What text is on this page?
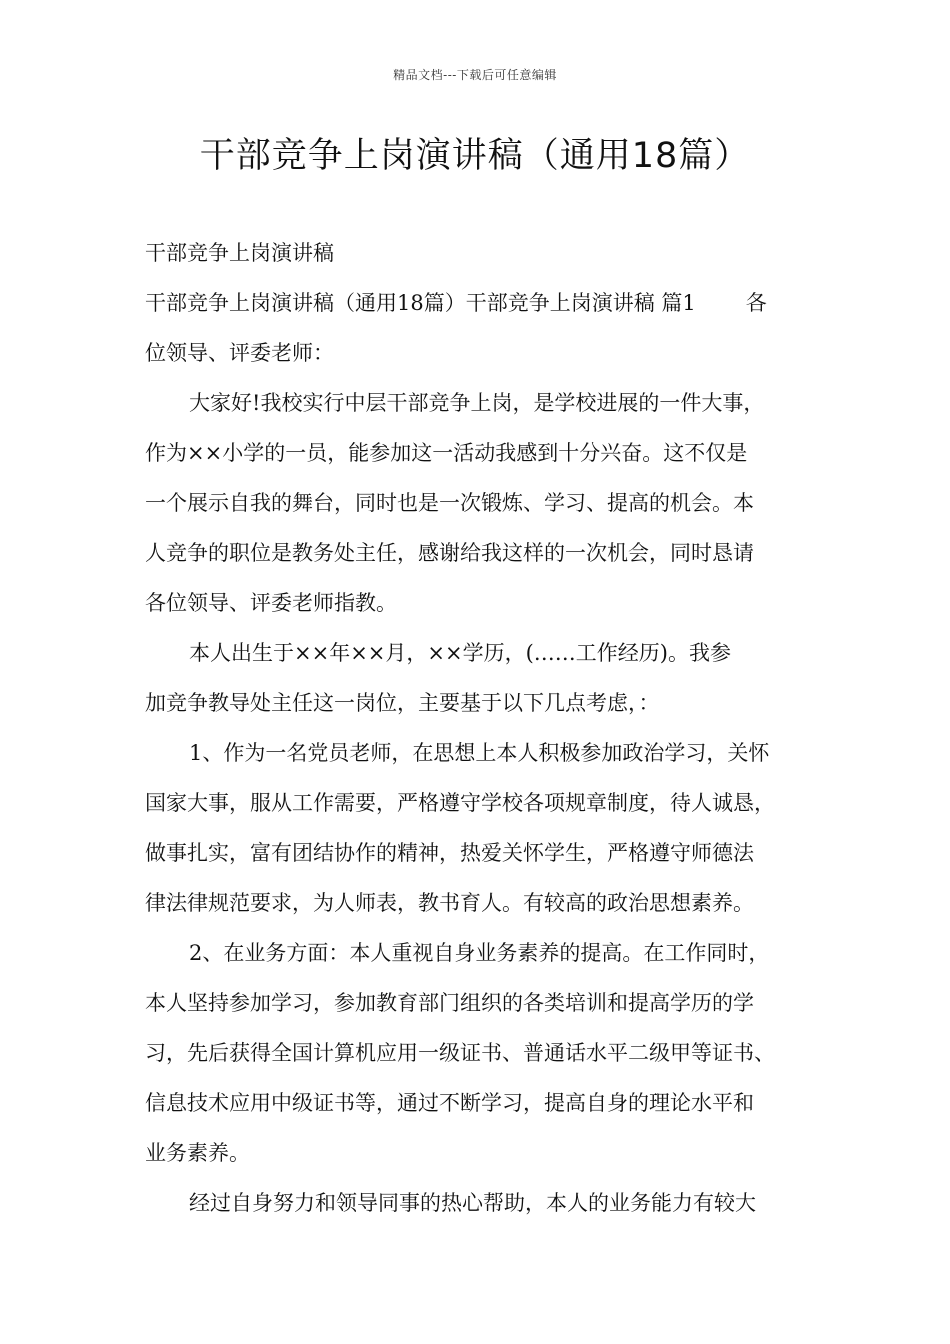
精品文档---下载后可任意编辑
干部竞争上岗演讲稿（通用18篇）
干部竞争上岗演讲稿
干部竞争上岗演讲稿（通用18篇）干部竞争上岗演讲稿 篇1 各
位领导、评委老师：
大家好!我校实行中层干部竞争上岗，是学校进展的一件大事，
作为××小学的一员，能参加这一活动我感到十分兴奋。这不仅是
一个展示自我的舞台，同时也是一次锻炼、学习、提高的机会。本
人竞争的职位是教务处主任，感谢给我这样的一次机会，同时恳请
各位领导、评委老师指教。
本人出生于××年××月，××学历，(……工作经历)。我参
加竞争教导处主任这一岗位，主要基于以下几点考虑，：
1、作为一名党员老师，在思想上本人积极参加政治学习，关怀
国家大事，服从工作需要，严格遵守学校各项规章制度，待人诚恳，
做事扎实，富有团结协作的精神，热爱关怀学生，严格遵守师德法
律法律规范要求，为人师表，教书育人。有较高的政治思想素养。
2、在业务方面：本人重视自身业务素养的提高。在工作同时，
本人坚持参加学习，参加教育部门组织的各类培训和提高学历的学
习，先后获得全国计算机应用一级证书、普通话水平二级甲等证书、
信息技术应用中级证书等，通过不断学习，提高自身的理论水平和
业务素养。
经过自身努力和领导同事的热心帮助，本人的业务能力有较大
